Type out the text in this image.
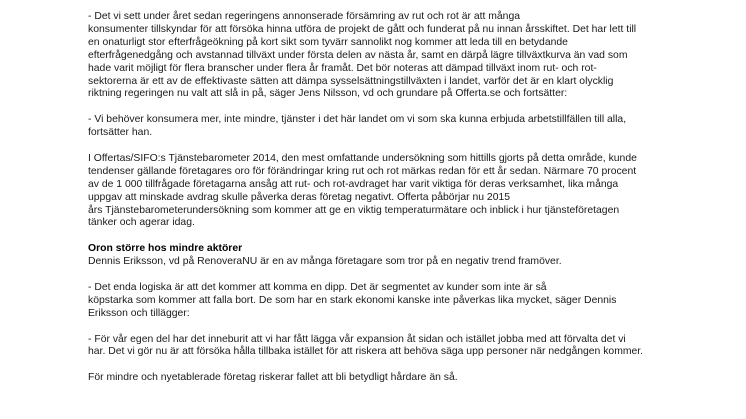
- Det vi sett under året sedan regeringens annonserade försämring av rut och rot är att många
konsumenter tillskyndar för att försöka hinna utföra de projekt de gått och funderat på nu innan årsskiftet. Det har lett till
en onaturligt stor efterfrågeökning på kort sikt som tyvärr sannolikt nog kommer att leda till en betydande
efterfrågenedgång och avstannad tillväxt under första delen av nästa år, samt en därpå lägre tillväxtkurva än vad som
hade varit möjligt för flera branscher under flera år framåt. Det bör noteras att dämpad tillväxt inom rut- och rot-
sektorerna är ett av de effektivaste sätten att dämpa sysselsättningstillväxten i landet, varför det är en klart olycklig
riktning regeringen nu valt att slå in på, säger Jens Nilsson, vd och grundare på Offerta.se och fortsätter:
- Vi behöver konsumera mer, inte mindre, tjänster i det här landet om vi som ska kunna erbjuda arbetstillfällen till alla,
fortsätter han.
I Offertas/SIFO:s Tjänstebarometer 2014, den mest omfattande undersökning som hittills gjorts på detta område, kunde
tendenser gällande företagares oro för förändringar kring rut och rot märkas redan för ett år sedan. Närmare 70 procent
av de 1 000 tillfrågade företagarna ansåg att rut- och rot-avdraget har varit viktiga för deras verksamhet, lika många
uppgav att minskade avdrag skulle påverka deras företag negativt. Offerta påbörjar nu 2015
års Tjänstebarometerundersökning som kommer att ge en viktig temperaturmätare och inblick i hur tjänsteföretagen
tänker och agerar idag.
Oron större hos mindre aktörer
Dennis Eriksson, vd på RenoveraNU är en av många företagare som tror på en negativ trend framöver.
- Det enda logiska är att det kommer att komma en dipp. Det är segmentet av kunder som inte är så
köpstarka som kommer att falla bort. De som har en stark ekonomi kanske inte påverkas lika mycket, säger Dennis
Eriksson och tillägger:
- För vår egen del har det inneburit att vi har fått lägga vår expansion åt sidan och istället jobba med att förvalta det vi
har. Det vi gör nu är att försöka hålla tillbaka istället för att riskera att behöva säga upp personer när nedgången kommer.
För mindre och nyetablerade företag riskerar fallet att bli betydligt hårdare än så.
